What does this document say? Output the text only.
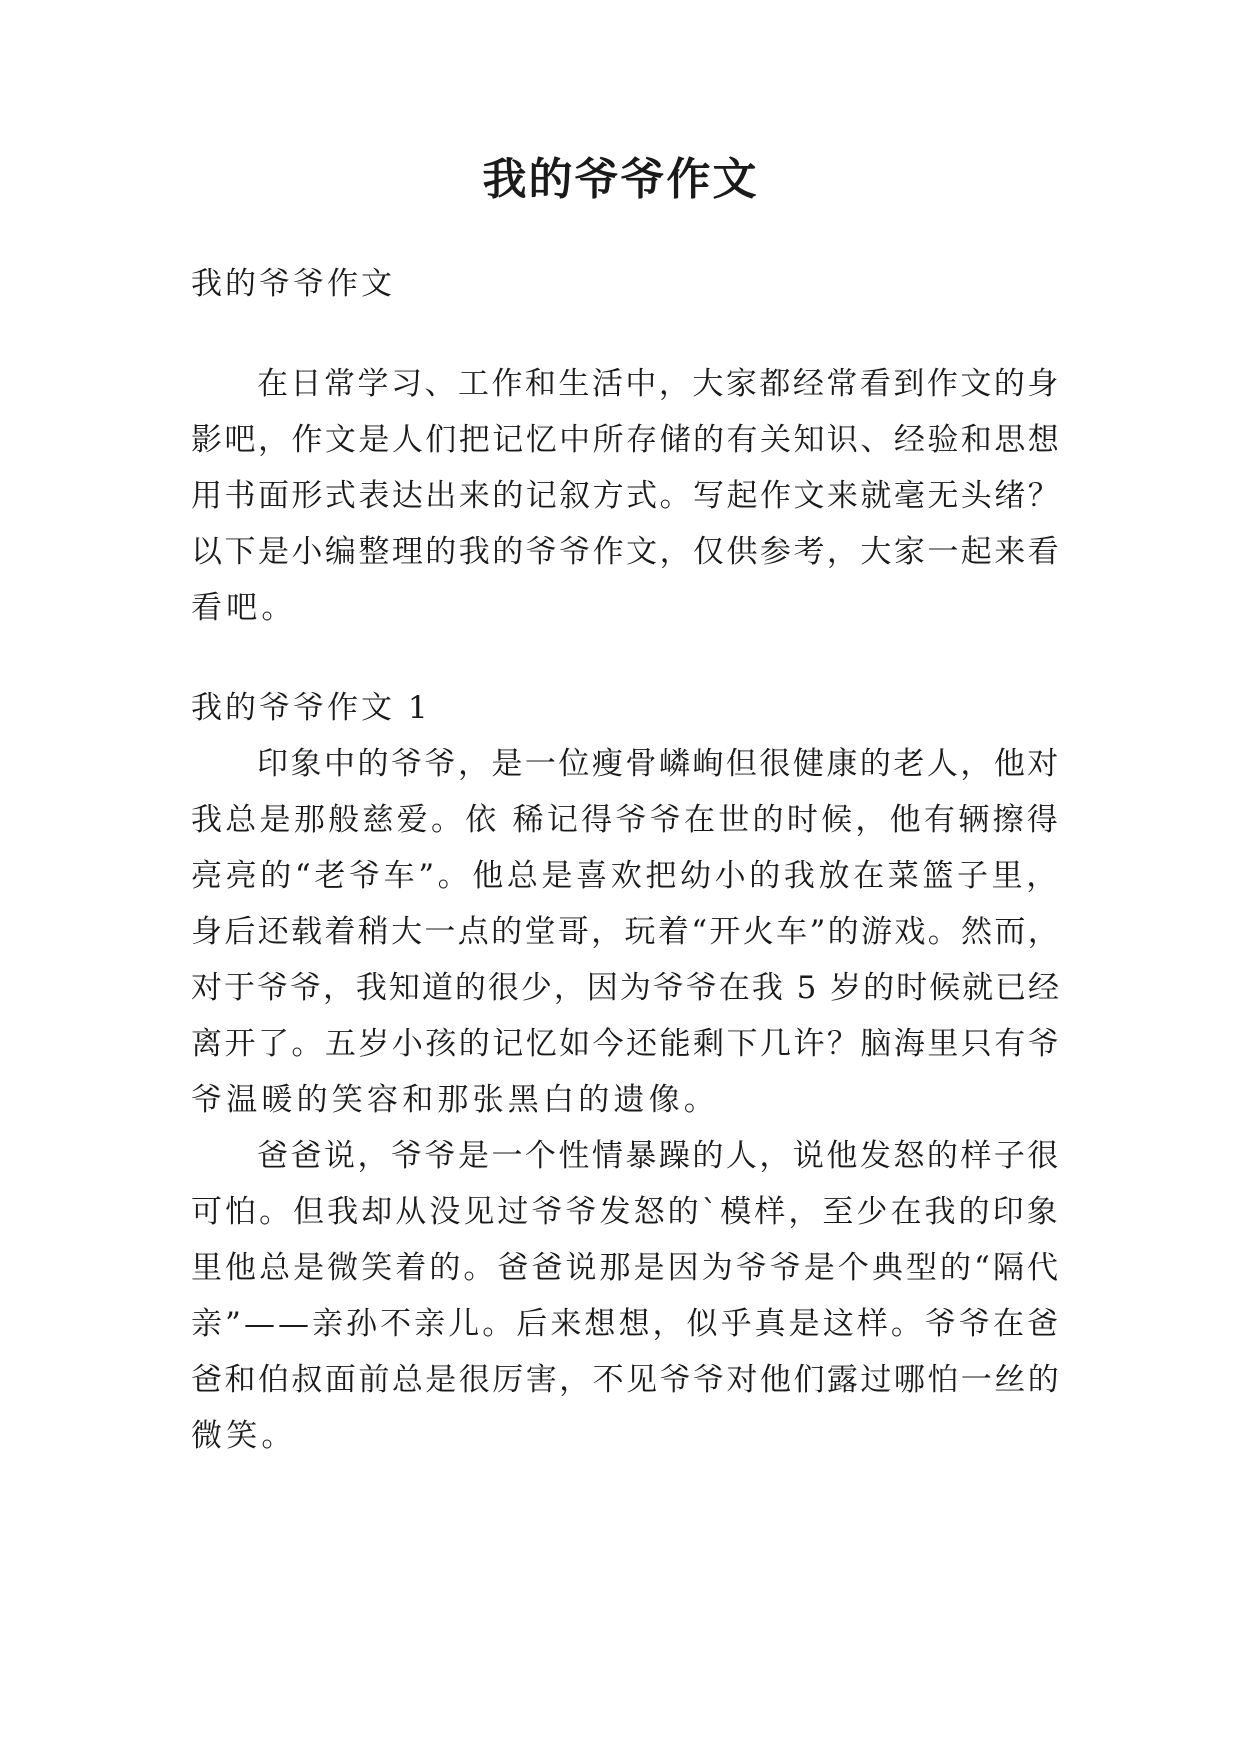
我的爷爷作文
我的爷爷作文
在日常学习、工作和生活中，大家都经常看到作文的身
影吧，作文是人们把记忆中所存储的有关知识、经验和思想
用书面形式表达出来的记叙方式。写起作文来就毫无头绪？
以下是小编整理的我的爷爷作文，仅供参考，大家一起来看
看吧。
我的爷爷作文 1
印象中的爷爷，是一位瘦骨嶙峋但很健康的老人，他对
我总是那般慈爱。依 稀记得爷爷在世的时候，他有辆擦得
亮亮的“老爷车”。他总是喜欢把幼小的我放在菜篮子里，
身后还载着稍大一点的堂哥，玩着“开火车”的游戏。然而，
对于爷爷，我知道的很少，因为爷爷在我 5 岁的时候就已经
离开了。五岁小孩的记忆如今还能剩下几许？脑海里只有爷
爷温暖的笑容和那张黑白的遗像。
爸爸说，爷爷是一个性情暴躁的人，说他发怒的样子很
可怕。但我却从没见过爷爷发怒的`模样，至少在我的印象
里他总是微笑着的。爸爸说那是因为爷爷是个典型的“隔代
亲”——亲孙不亲儿。后来想想，似乎真是这样。爷爷在爸
爸和伯叔面前总是很厉害，不见爷爷对他们露过哪怕一丝的
微笑。
